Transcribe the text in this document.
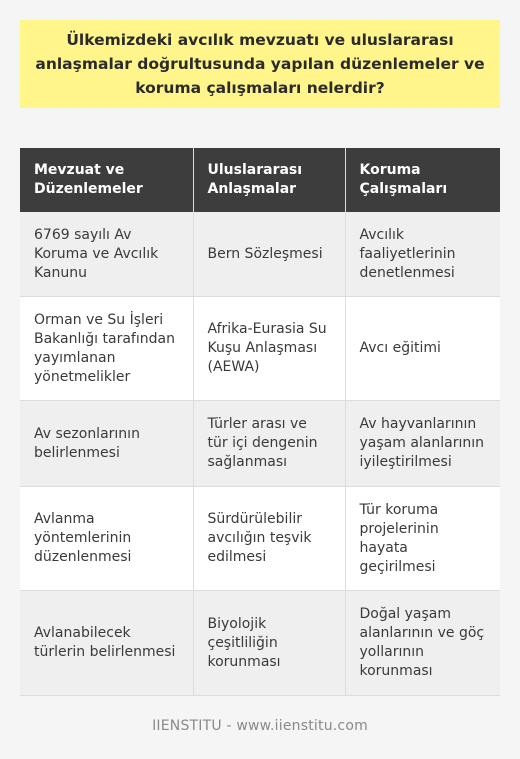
Ülkemizdeki avcılık mevzuatı ve uluslararası anlaşmalar doğrultusunda yapılan düzenlemeler ve koruma çalışmaları nelerdir?
Mevzuat ve Düzenlemeler	Uluslararası Anlaşmalar	Koruma Çalışmaları
6769 sayılı Av Koruma ve Avcılık Kanunu	Bern Sözleşmesi	Avcılık faaliyetlerinin denetlenmesi
Orman ve Su İşleri Bakanlığı tarafından yayımlanan yönetmelikler	Afrika-Eurasia Su Kuşu Anlaşması (AEWA)	Avcı eğitimi
Av sezonlarının belirlenmesi	Türler arası ve tür içi dengenin sağlanması	Av hayvanlarının yaşam alanlarının iyileştirilmesi
Avlanma yöntemlerinin düzenlenmesi	Sürdürülebilir avcılığın teşvik edilmesi	Tür koruma projelerinin hayata geçirilmesi
Avlanabilecek türlerin belirlenmesi	Biyolojik çeşitliliğin korunması	Doğal yaşam alanlarının ve göç yollarının korunması
IIENSTITU - www.iienstitu.com
